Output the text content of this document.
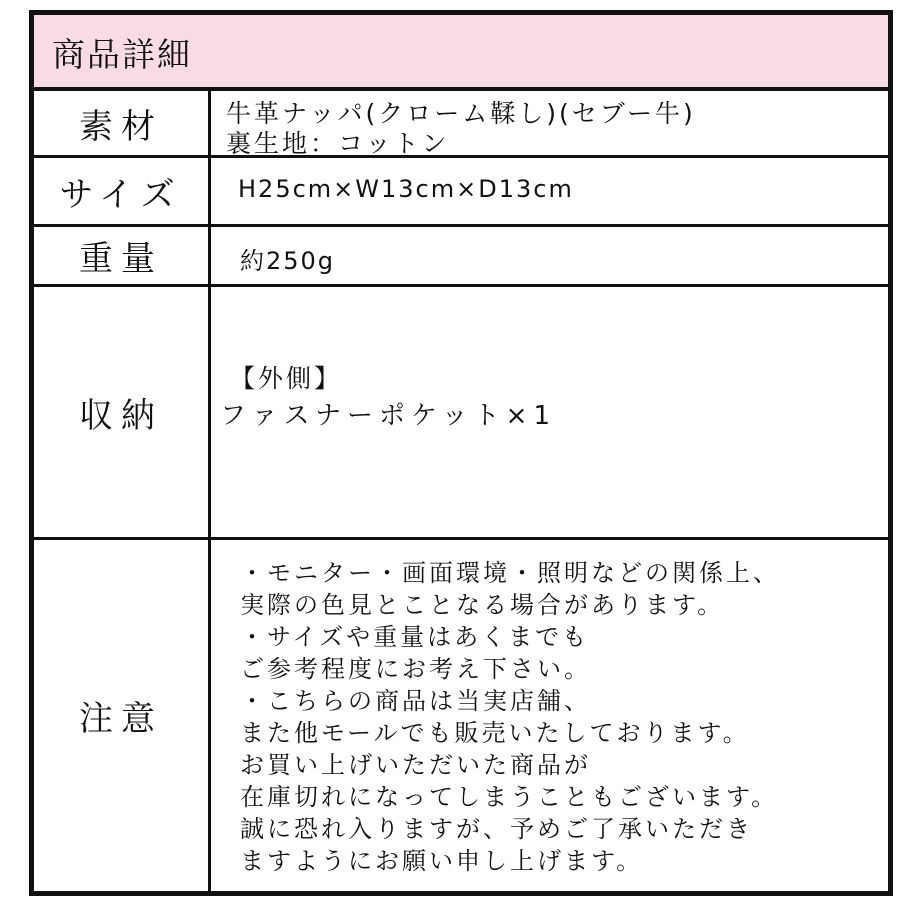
商品詳細
素材	牛革ナッパ(クローム鞣し)(セブー牛)
裏生地：コットン
サイズ H25cm×W13cm×D13cm
重量	約250g
収納
【外側】
ファスナーポケット×1
注意
・モニター・画面環境・照明などの関係上、
実際の色見とことなる場合があります。
・サイズや重量はあくまでも
ご参考程度にお考え下さい。
・こちらの商品は当実店舗、
また他モールでも販売いたしております。
お買い上げいただいた商品が
在庫切れになってしまうこともございます。
誠に恐れ入りますが、予めご了承いただき
ますようにお願い申し上げます。
